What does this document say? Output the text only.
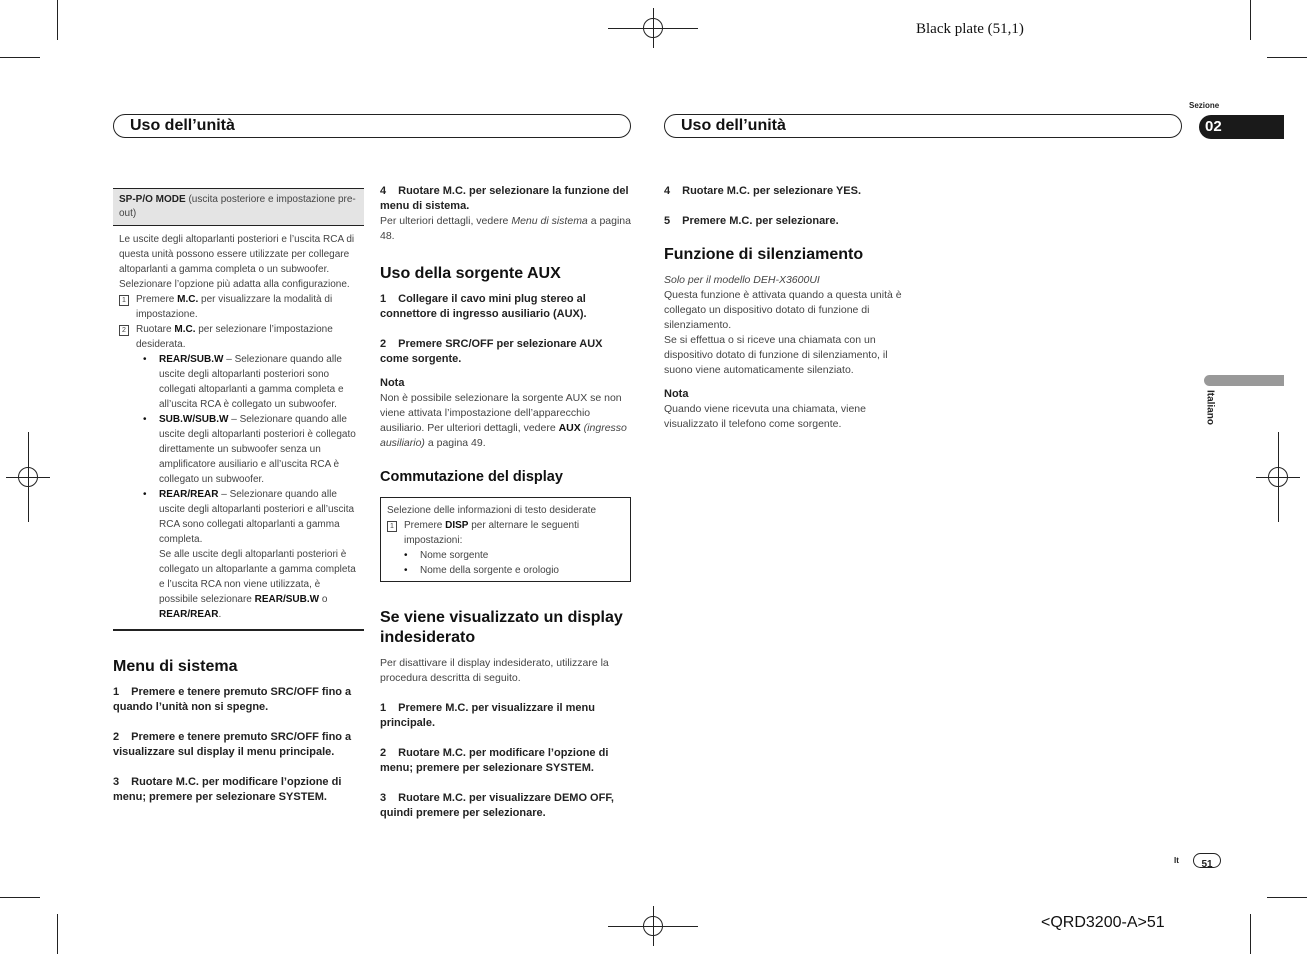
Black plate (51,1)
Uso dell’unità	Uso dell’unità
Sezione
02
Italiano
SP-P/O MODE (uscita posteriore e impostazione pre-out)

Le uscite degli altoparlanti posteriori e l’uscita RCA di questa unità possono essere utilizzate per collegare altoparlanti a gamma completa o un subwoofer. Selezionare l’opzione più adatta alla configurazione.

1	Premere M.C. per visualizzare la modalità di impostazione.
2	Ruotare M.C. per selezionare l’impostazione desiderata.
•	REAR/SUB.W – Selezionare quando alle uscite degli altoparlanti posteriori sono collegati altoparlanti a gamma completa e all’uscita RCA è collegato un subwoofer.
•	SUB.W/SUB.W – Selezionare quando alle uscite degli altoparlanti posteriori è collegato direttamente un subwoofer senza un amplificatore ausiliario e all’uscita RCA è collegato un subwoofer.
•	REAR/REAR – Selezionare quando alle uscite degli altoparlanti posteriori e all’uscita RCA sono collegati altoparlanti a gamma completa.
Se alle uscite degli altoparlanti posteriori è collegato un altoparlante a gamma completa e l’uscita RCA non viene utilizzata, è possibile selezionare REAR/SUB.W o REAR/REAR.
Menu di sistema
1 Premere e tenere premuto SRC/OFF fino a quando l’unità non si spegne.
2 Premere e tenere premuto SRC/OFF fino a visualizzare sul display il menu principale.
3 Ruotare M.C. per modificare l’opzione di menu; premere per selezionare SYSTEM.
4 Ruotare M.C. per selezionare la funzione del menu di sistema.

Per ulteriori dettagli, vedere Menu di sistema a pagina 48.

Uso della sorgente AUX
1 Collegare il cavo mini plug stereo al connettore di ingresso ausiliario (AUX).
2 Premere SRC/OFF per selezionare AUX come sorgente.

Nota

Non è possibile selezionare la sorgente AUX se non viene attivata l’impostazione dell’apparecchio ausiliario. Per ulteriori dettagli, vedere AUX (ingresso ausiliario) a pagina 49.

Commutazione del display

Selezione delle informazioni di testo desiderate

1	Premere DISP per alternare le seguenti impostazioni:
•	Nome sorgente
•	Nome della sorgente e orologio
Se viene visualizzato un display indesiderato

Per disattivare il display indesiderato, utilizzare la procedura descritta di seguito.

1 Premere M.C. per visualizzare il menu principale.
2 Ruotare M.C. per modificare l’opzione di menu; premere per selezionare SYSTEM.
3 Ruotare M.C. per visualizzare DEMO OFF, quindi premere per selezionare.
4 Ruotare M.C. per selezionare YES.
5 Premere M.C. per selezionare.
Funzione di silenziamento

Solo per il modello DEH-X3600UI

Questa funzione è attivata quando a questa unità è collegato un dispositivo dotato di funzione di silenziamento.

Se si effettua o si riceve una chiamata con un dispositivo dotato di funzione di silenziamento, il suono viene automaticamente silenziato.

Nota

Quando viene ricevuta una chiamata, viene visualizzato il telefono come sorgente.

It	51
<QRD3200-A>51
